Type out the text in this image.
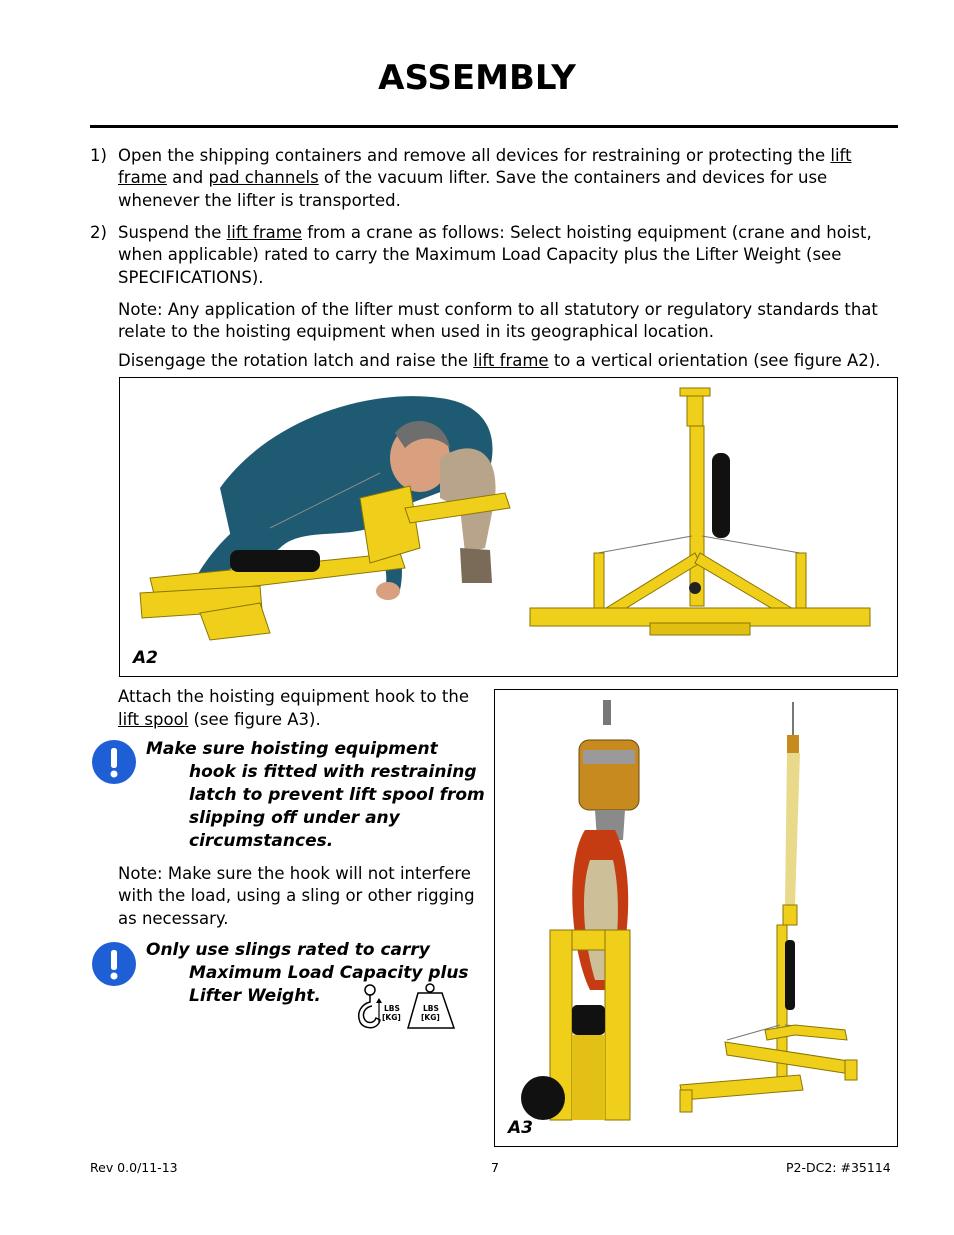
ASSEMBLY
1) Open the shipping containers and remove all devices for restraining or protecting the lift
frame and pad channels of the vacuum lifter. Save the containers and devices for use
whenever the lifter is transported.
2) Suspend the lift frame from a crane as follows: Select hoisting equipment (crane and hoist,
when applicable) rated to carry the Maximum Load Capacity plus the Lifter Weight (see
SPECIFICATIONS).
Note: Any application of the lifter must conform to all statutory or regulatory standards that
relate to the hoisting equipment when used in its geographical location.
Disengage the rotation latch and raise the lift frame to a vertical orientation (see figure A2).
A2
Attach the hoisting equipment hook to the
lift spool (see figure A3).
Make sure hoisting equipment
hook is fitted with restraining
latch to prevent lift spool from
slipping off under any
circumstances.
Note: Make sure the hook will not interfere
with the load, using a sling or other rigging
as necessary.
Only use slings rated to carry
Maximum Load Capacity plus
Lifter Weight.
LBS
[KG]
LBS
[KG]
A3
Rev 0.0/11-13	7	P2-DC2: #35114
